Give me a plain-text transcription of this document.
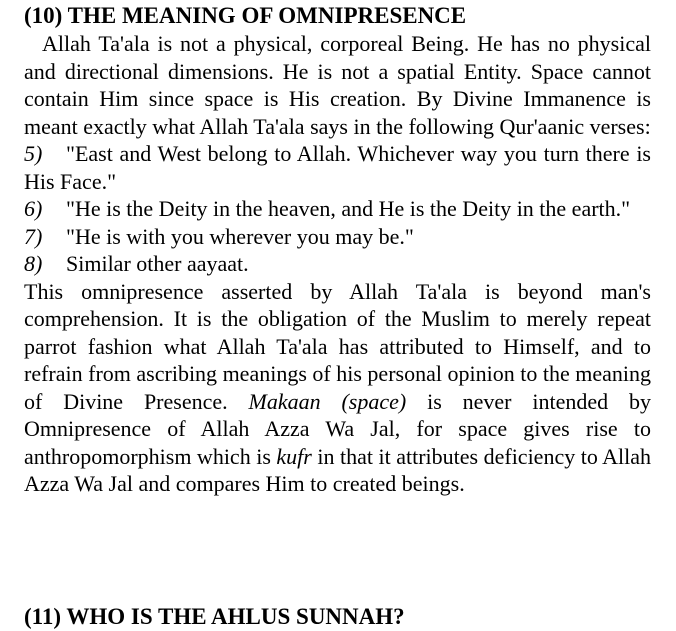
(10) THE MEANING OF OMNIPRESENCE

Allah Ta'ala is not a physical, corporeal Being. He has no physical and directional dimensions. He is not a spatial Entity. Space cannot contain Him since space is His creation. By Divine Immanence is meant exactly what Allah Ta'ala says in the following Qur'aanic verses:

5) "East and West belong to Allah. Whichever way you turn there is His Face."

6) "He is the Deity in the heaven, and He is the Deity in the earth."

7) "He is with you wherever you may be."

8) Similar other aayaat.

This omnipresence asserted by Allah Ta'ala is beyond man's comprehension. It is the obligation of the Muslim to merely repeat parrot fashion what Allah Ta'ala has attributed to Himself, and to refrain from ascribing meanings of his personal opinion to the meaning of Divine Presence. Makaan (space) is never intended by Omnipresence of Allah Azza Wa Jal, for space gives rise to anthropomorphism which is kufr in that it attributes deficiency to Allah Azza Wa Jal and compares Him to created beings.

(11) WHO IS THE AHLUS SUNNAH?
